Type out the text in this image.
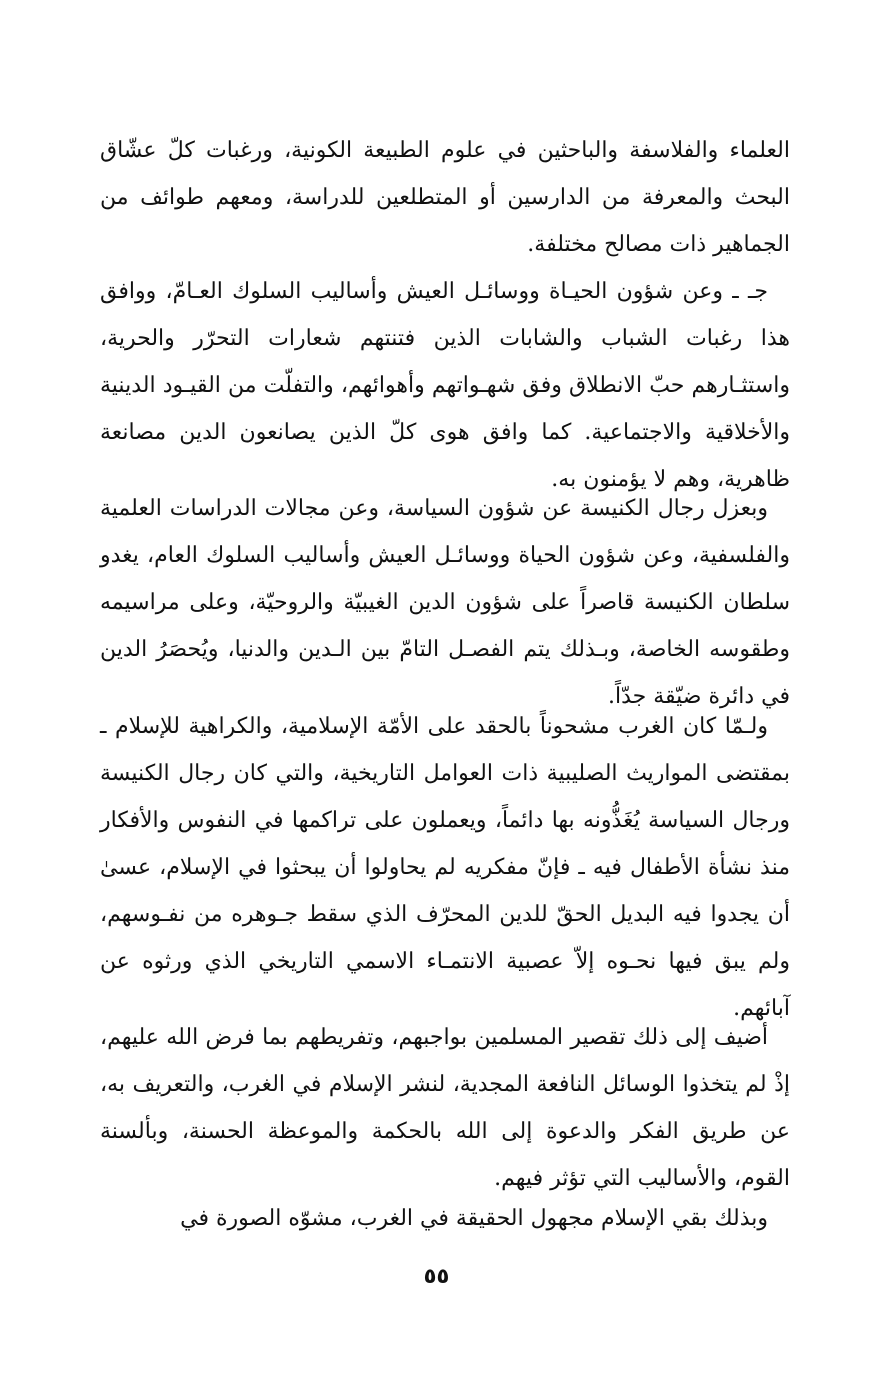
العلماء والفلاسفة والباحثين في علوم الطبيعة الكونية، ورغبات كلّ عشّاق البحث والمعرفة من الدارسين أو المتطلعين للدراسة، ومعهم طوائف من الجماهير ذات مصالح مختلفة.

جـ ـ وعن شؤون الحيـاة ووسائـل العيش وأساليب السلوك العـامّ، ووافق هذا رغبات الشباب والشابات الذين فتنتهم شعارات التحرّر والحرية، واستثـارهم حبّ الانطلاق وفق شهـواتهم وأهوائهم، والتفلّت من القيـود الدينية والأخلاقية والاجتماعية. كما وافق هوى كلّ الذين يصانعون الدين مصانعة ظاهرية، وهم لا يؤمنون به.

وبعزل رجال الكنيسة عن شؤون السياسة، وعن مجالات الدراسات العلمية والفلسفية، وعن شؤون الحياة ووسائـل العيش وأساليب السلوك العام، يغدو سلطان الكنيسة قاصراً على شؤون الدين الغيبيّة والروحيّة، وعلى مراسيمه وطقوسه الخاصة، وبـذلك يتم الفصـل التامّ بين الـدين والدنيا، ويُحصَرُ الدين في دائرة ضيّقة جدّاً.

ولـمّا كان الغرب مشحوناً بالحقد على الأمّة الإسلامية، والكراهية للإسلام ـ بمقتضى المواريث الصليبية ذات العوامل التاريخية، والتي كان رجال الكنيسة ورجال السياسة يُغَذُّونه بها دائماً، ويعملون على تراكمها في النفوس والأفكار منذ نشأة الأطفال فيه ـ فإنّ مفكريه لم يحاولوا أن يبحثوا في الإسلام، عسىٰ أن يجدوا فيه البديل الحقّ للدين المحرّف الذي سقط جـوهره من نفـوسهم، ولم يبق فيها نحـوه إلاّ عصبية الانتمـاء الاسمي التاريخي الذي ورثوه عن آبائهم.

أضيف إلى ذلك تقصير المسلمين بواجبهم، وتفريطهم بما فرض الله عليهم، إذْ لم يتخذوا الوسائل النافعة المجدية، لنشر الإسلام في الغرب، والتعريف به، عن طريق الفكر والدعوة إلى الله بالحكمة والموعظة الحسنة، وبألسنة القوم، والأساليب التي تؤثر فيهم.

وبذلك بقي الإسلام مجهول الحقيقة في الغرب، مشوّه الصورة في

٥٥
